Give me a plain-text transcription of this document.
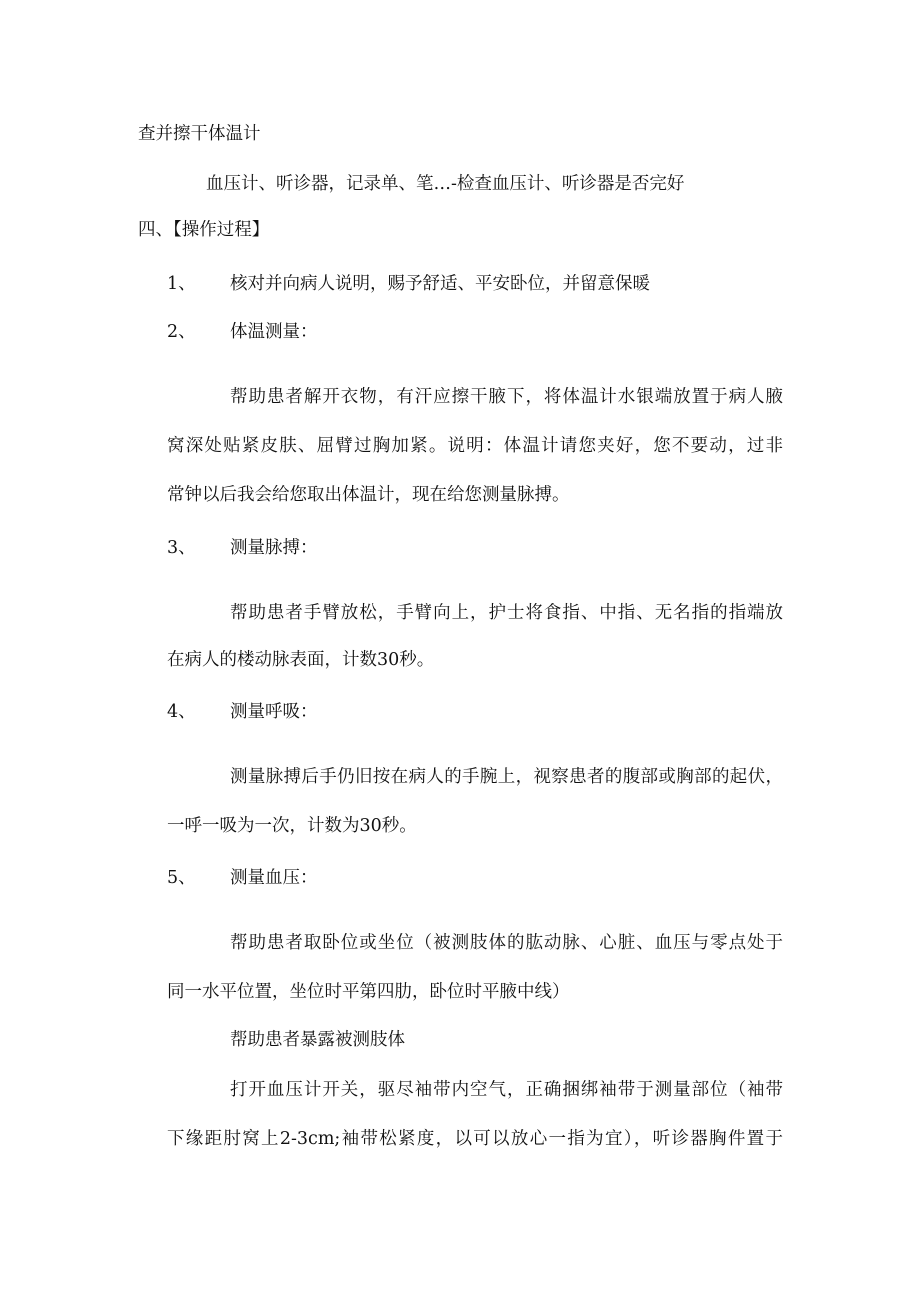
查并擦干体温计
血压计、听诊器，记录单、笔…-检查血压计、听诊器是否完好
四、【操作过程】
1、 核对并向病人说明，赐予舒适、平安卧位，并留意保暖
2、 体温测量：
帮助患者解开衣物，有汗应擦干腋下，将体温计水银端放置于病人腋
窝深处贴紧皮肤、屈臂过胸加紧。说明：体温计请您夹好，您不要动，过非
常钟以后我会给您取出体温计，现在给您测量脉搏。
3、 测量脉搏：
帮助患者手臂放松，手臂向上，护士将食指、中指、无名指的指端放
在病人的楼动脉表面，计数30秒。
4、 测量呼吸：
测量脉搏后手仍旧按在病人的手腕上，视察患者的腹部或胸部的起伏，
一呼一吸为一次，计数为30秒。
5、 测量血压：
帮助患者取卧位或坐位（被测肢体的肱动脉、心脏、血压与零点处于
同一水平位置，坐位时平第四肋，卧位时平腋中线）
帮助患者暴露被测肢体
打开血压计开关，驱尽袖带内空气，正确捆绑袖带于测量部位（袖带
下缘距肘窝上2-3cm;袖带松紧度，以可以放心一指为宜），听诊器胸件置于
